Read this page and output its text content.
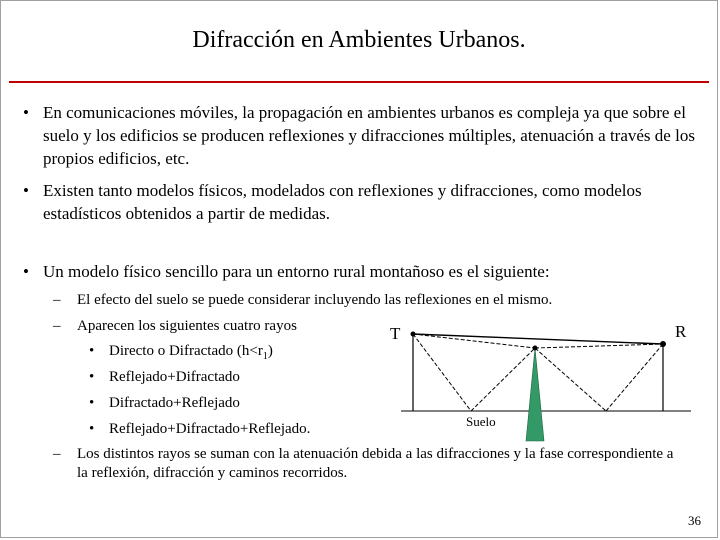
Difracción en Ambientes Urbanos.
• En comunicaciones móviles, la propagación en ambientes urbanos es compleja ya que sobre el suelo y los edificios se producen reflexiones y difracciones múltiples, atenuación a través de los propios edificios, etc.
• Existen tanto modelos físicos, modelados con reflexiones y difracciones, como modelos estadísticos obtenidos a partir de medidas.
• Un modelo físico sencillo para un entorno rural montañoso es el siguiente:
– El efecto del suelo se puede considerar incluyendo las reflexiones en el mismo.
– Aparecen los siguientes cuatro rayos
• Directo o Difractado $(h<r_1)$
• Reflejado+Difractado
• Difractado+Reflejado
• Reflejado+Difractado+Reflejado.
– Los distintos rayos se suman con la atenuación debida a las difracciones y la fase correspondiente a la reflexión, difracción y caminos recorridos.
T	R
Suelo
36
